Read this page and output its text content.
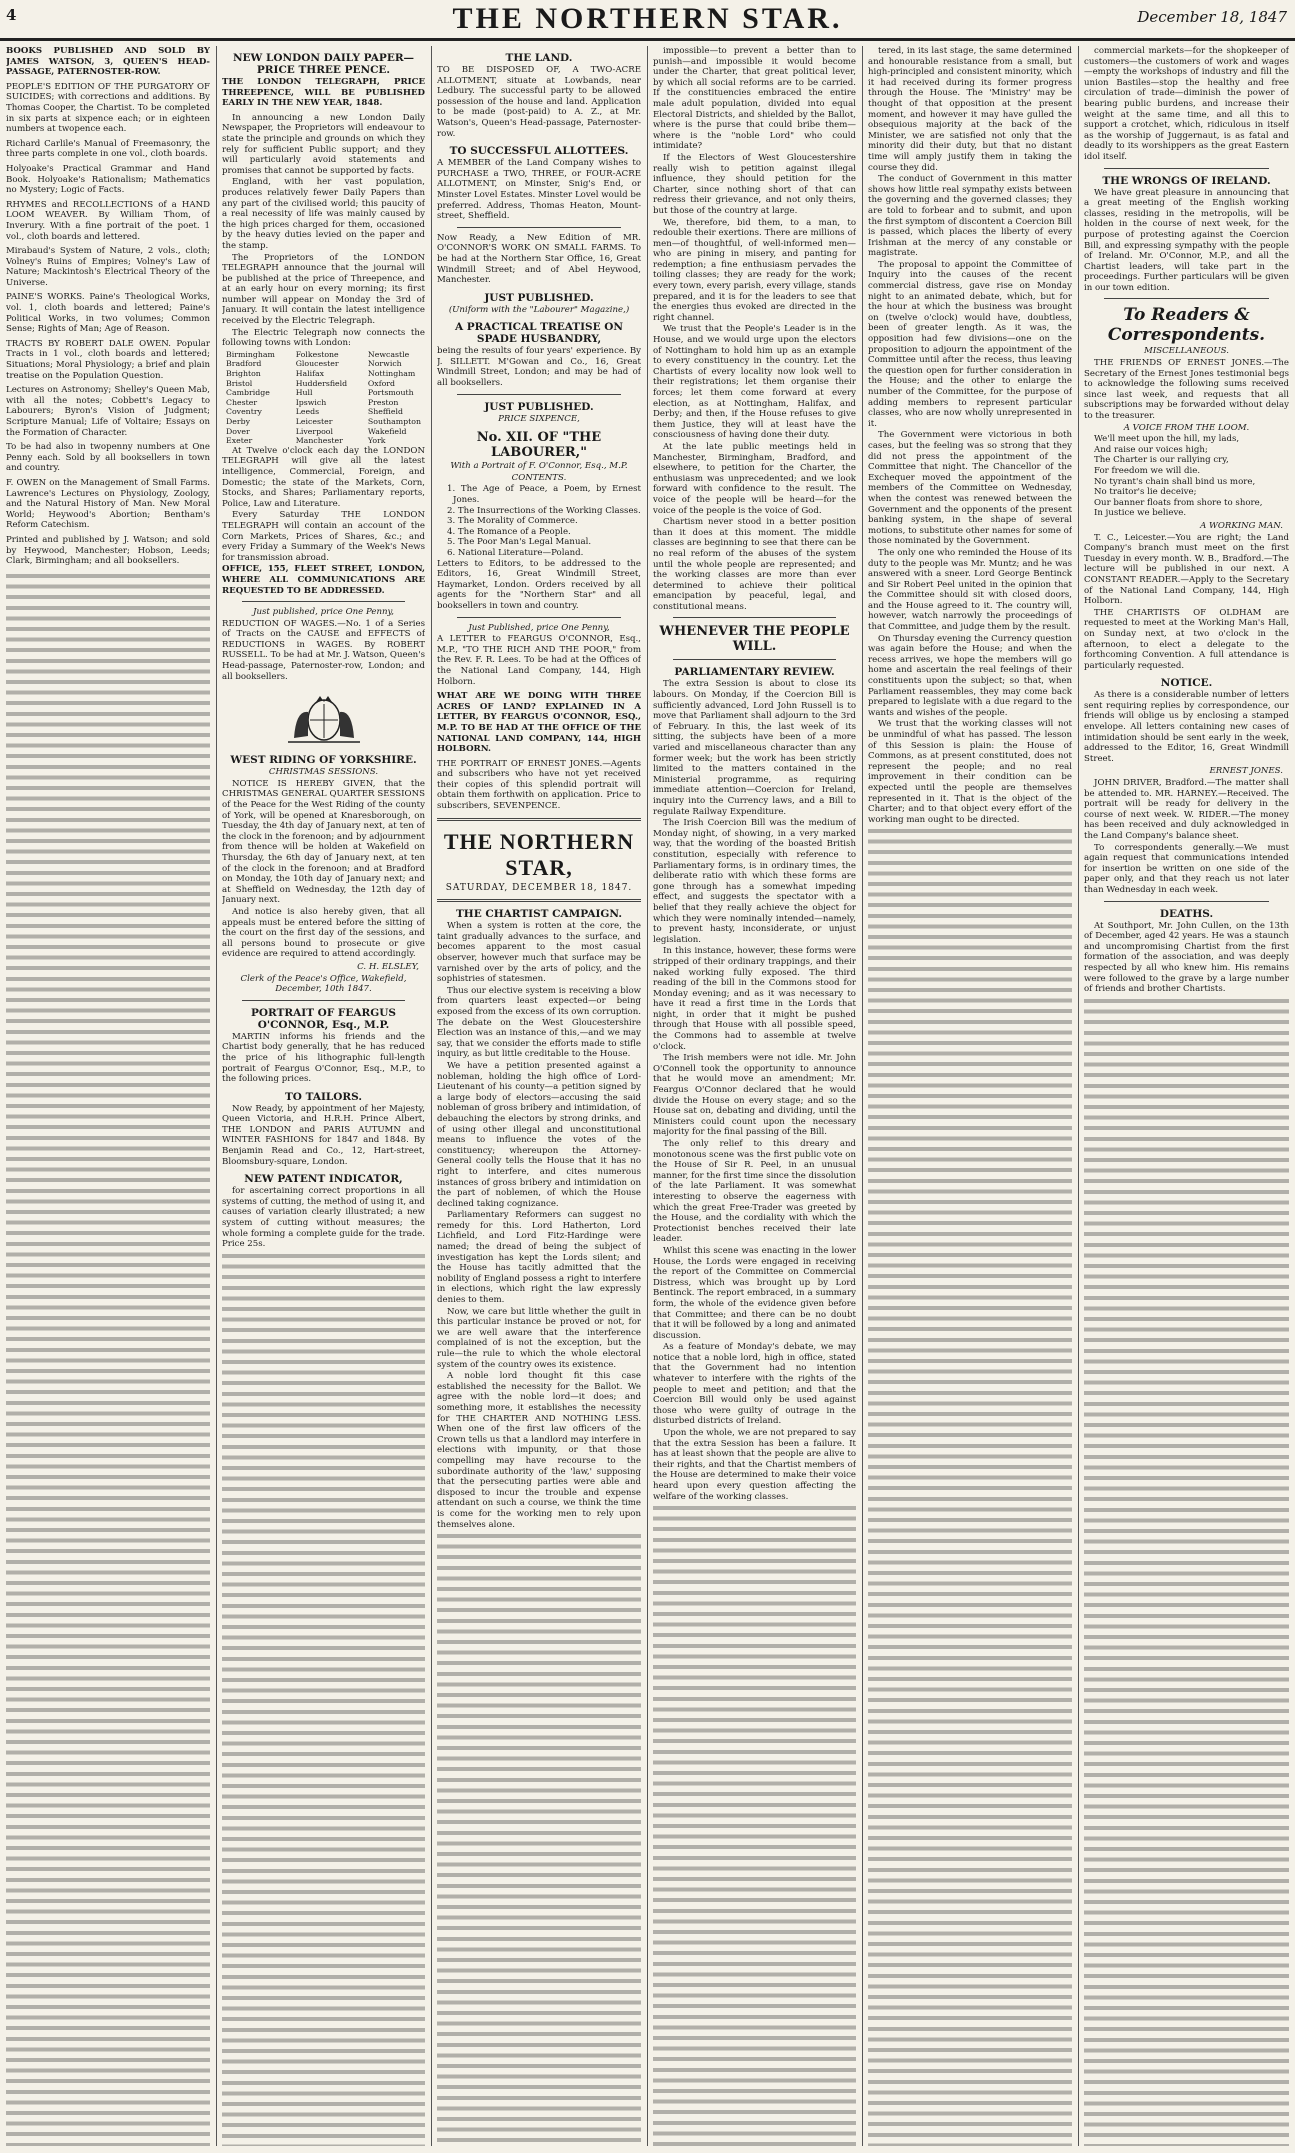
4	THE NORTHERN STAR.	December 18, 1847

BOOKS PUBLISHED AND SOLD BY JAMES WATSON, 3, QUEEN'S HEAD-PASSAGE, PATERNOSTER-ROW.

PEOPLE'S EDITION OF THE PURGATORY OF SUICIDES; with corrections and additions. By Thomas Cooper, the Chartist. To be completed in six parts at sixpence each; or in eighteen numbers at twopence each.

Richard Carlile's Manual of Freemasonry, the three parts complete in one vol., cloth boards.

Holyoake's Practical Grammar and Hand Book. Holyoake's Rationalism; Mathematics no Mystery; Logic of Facts.

RHYMES and RECOLLECTIONS of a HAND LOOM WEAVER. By William Thom, of Inverury. With a fine portrait of the poet. 1 vol., cloth boards and lettered.

Mirabaud's System of Nature, 2 vols., cloth; Volney's Ruins of Empires; Volney's Law of Nature; Mackintosh's Electrical Theory of the Universe.

PAINE'S WORKS. Paine's Theological Works, vol. 1, cloth boards and lettered; Paine's Political Works, in two volumes; Common Sense; Rights of Man; Age of Reason.

TRACTS BY ROBERT DALE OWEN. Popular Tracts in 1 vol., cloth boards and lettered; Situations; Moral Physiology; a brief and plain treatise on the Population Question.

Lectures on Astronomy; Shelley's Queen Mab, with all the notes; Cobbett's Legacy to Labourers; Byron's Vision of Judgment; Scripture Manual; Life of Voltaire; Essays on the Formation of Character.

To be had also in twopenny numbers at One Penny each. Sold by all booksellers in town and country.

F. OWEN on the Management of Small Farms. Lawrence's Lectures on Physiology, Zoology, and the Natural History of Man. New Moral World; Heywood's Abortion; Bentham's Reform Catechism.

Printed and published by J. Watson; and sold by Heywood, Manchester; Hobson, Leeds; Clark, Birmingham; and all booksellers.

NEW LONDON DAILY PAPER—PRICE THREE PENCE.

THE LONDON TELEGRAPH, PRICE THREEPENCE, WILL BE PUBLISHED EARLY IN THE NEW YEAR, 1848.

In announcing a new London Daily Newspaper, the Proprietors will endeavour to state the principle and grounds on which they rely for sufficient Public support; and they will particularly avoid statements and promises that cannot be supported by facts.

England, with her vast population, produces relatively fewer Daily Papers than any part of the civilised world; this paucity of a real necessity of life was mainly caused by the high prices charged for them, occasioned by the heavy duties levied on the paper and the stamp.

The Proprietors of the LONDON TELEGRAPH announce that the journal will be published at the price of Threepence, and at an early hour on every morning; its first number will appear on Monday the 3rd of January. It will contain the latest intelligence received by the Electric Telegraph.

The Electric Telegraph now connects the following towns with London:

Birmingham
Bradford
Brighton
Bristol
Cambridge
Chester
Coventry
Derby
Dover
Exeter
Folkestone
Gloucester
Halifax
Huddersfield
Hull
Ipswich
Leeds
Leicester
Liverpool
Manchester
Newcastle
Norwich
Nottingham
Oxford
Portsmouth
Preston
Sheffield
Southampton
Wakefield
York

At Twelve o'clock each day the LONDON TELEGRAPH will give all the latest intelligence, Commercial, Foreign, and Domestic; the state of the Markets, Corn, Stocks, and Shares; Parliamentary reports, Police, Law and Literature.

Every Saturday THE LONDON TELEGRAPH will contain an account of the Corn Markets, Prices of Shares, &c.; and every Friday a Summary of the Week's News for transmission abroad.

OFFICE, 155, FLEET STREET, LONDON, WHERE ALL COMMUNICATIONS ARE REQUESTED TO BE ADDRESSED.

Just published, price One Penny,

REDUCTION OF WAGES.—No. 1 of a Series of Tracts on the CAUSE and EFFECTS of REDUCTIONS in WAGES. By ROBERT RUSSELL. To be had at Mr. J. Watson, Queen's Head-passage, Paternoster-row, London; and all booksellers.

WEST RIDING OF YORKSHIRE.

CHRISTMAS SESSIONS.

NOTICE IS HEREBY GIVEN, that the CHRISTMAS GENERAL QUARTER SESSIONS of the Peace for the West Riding of the county of York, will be opened at Knaresborough, on Tuesday, the 4th day of January next, at ten of the clock in the forenoon; and by adjournment from thence will be holden at Wakefield on Thursday, the 6th day of January next, at ten of the clock in the forenoon; and at Bradford on Monday, the 10th day of January next; and at Sheffield on Wednesday, the 12th day of January next.

And notice is also hereby given, that all appeals must be entered before the sitting of the court on the first day of the sessions, and all persons bound to prosecute or give evidence are required to attend accordingly.

C. H. ELSLEY,

Clerk of the Peace's Office, Wakefield, December, 10th 1847.

PORTRAIT OF FEARGUS O'CONNOR, Esq., M.P.

MARTIN informs his friends and the Chartist body generally, that he has reduced the price of his lithographic full-length portrait of Feargus O'Connor, Esq., M.P., to the following prices.

TO TAILORS.

Now Ready, by appointment of her Majesty, Queen Victoria, and H.R.H. Prince Albert, THE LONDON and PARIS AUTUMN and WINTER FASHIONS for 1847 and 1848. By Benjamin Read and Co., 12, Hart-street, Bloomsbury-square, London.

NEW PATENT INDICATOR,

for ascertaining correct proportions in all systems of cutting, the method of using it, and causes of variation clearly illustrated; a new system of cutting without measures; the whole forming a complete guide for the trade. Price 25s.

THE LAND.

TO BE DISPOSED OF, A TWO-ACRE ALLOTMENT, situate at Lowbands, near Ledbury. The successful party to be allowed possession of the house and land. Application to be made (post-paid) to A. Z., at Mr. Watson's, Queen's Head-passage, Paternoster-row.

TO SUCCESSFUL ALLOTTEES.

A MEMBER of the Land Company wishes to PURCHASE a TWO, THREE, or FOUR-ACRE ALLOTMENT, on Minster, Snig's End, or Minster Lovel Estates. Minster Lovel would be preferred. Address, Thomas Heaton, Mount-street, Sheffield.

Now Ready, a New Edition of MR. O'CONNOR'S WORK ON SMALL FARMS. To be had at the Northern Star Office, 16, Great Windmill Street; and of Abel Heywood, Manchester.

JUST PUBLISHED.

(Uniform with the "Labourer" Magazine,)

A PRACTICAL TREATISE ON SPADE HUSBANDRY,

being the results of four years' experience. By J. SILLETT. M'Gowan and Co., 16, Great Windmill Street, London; and may be had of all booksellers.

JUST PUBLISHED.

PRICE SIXPENCE,

No. XII. OF "THE LABOURER,"

With a Portrait of F. O'Connor, Esq., M.P.

CONTENTS.

1. The Age of Peace, a Poem, by Ernest Jones.
2. The Insurrections of the Working Classes.
3. The Morality of Commerce.
4. The Romance of a People.
5. The Poor Man's Legal Manual.
6. National Literature—Poland.

Letters to Editors, to be addressed to the Editors, 16, Great Windmill Street, Haymarket, London. Orders received by all agents for the "Northern Star" and all booksellers in town and country.

Just Published, price One Penny,

A LETTER to FEARGUS O'CONNOR, Esq., M.P., "TO THE RICH AND THE POOR," from the Rev. F. R. Lees. To be had at the Offices of the National Land Company, 144, High Holborn.

WHAT ARE WE DOING WITH THREE ACRES OF LAND? EXPLAINED IN A LETTER, BY FEARGUS O'CONNOR, ESQ., M.P. TO BE HAD AT THE OFFICE OF THE NATIONAL LAND COMPANY, 144, HIGH HOLBORN.

THE PORTRAIT OF ERNEST JONES.—Agents and subscribers who have not yet received their copies of this splendid portrait will obtain them forthwith on application. Price to subscribers, SEVENPENCE.

THE NORTHERN STAR,
SATURDAY, DECEMBER 18, 1847.

THE CHARTIST CAMPAIGN.

When a system is rotten at the core, the taint gradually advances to the surface, and becomes apparent to the most casual observer, however much that surface may be varnished over by the arts of policy, and the sophistries of statesmen.

Thus our elective system is receiving a blow from quarters least expected—or being exposed from the excess of its own corruption. The debate on the West Gloucestershire Election was an instance of this,—and we may say, that we consider the efforts made to stifle inquiry, as but little creditable to the House.

We have a petition presented against a nobleman, holding the high office of Lord-Lieutenant of his county—a petition signed by a large body of electors—accusing the said nobleman of gross bribery and intimidation, of debauching the electors by strong drinks, and of using other illegal and unconstitutional means to influence the votes of the constituency; whereupon the Attorney-General coolly tells the House that it has no right to interfere, and cites numerous instances of gross bribery and intimidation on the part of noblemen, of which the House declined taking cognizance.

Parliamentary Reformers can suggest no remedy for this. Lord Hatherton, Lord Lichfield, and Lord Fitz-Hardinge were named; the dread of being the subject of investigation has kept the Lords silent; and the House has tacitly admitted that the nobility of England possess a right to interfere in elections, which right the law expressly denies to them.

Now, we care but little whether the guilt in this particular instance be proved or not, for we are well aware that the interference complained of is not the exception, but the rule—the rule to which the whole electoral system of the country owes its existence.

A noble lord thought fit this case established the necessity for the Ballot. We agree with the noble lord—it does; and something more, it establishes the necessity for THE CHARTER AND NOTHING LESS. When one of the first law officers of the Crown tells us that a landlord may interfere in elections with impunity, or that those compelling may have recourse to the subordinate authority of the 'law,' supposing that the persecuting parties were able and disposed to incur the trouble and expense attendant on such a course, we think the time is come for the working men to rely upon themselves alone.

impossible—to prevent a better than to punish—and impossible it would become under the Charter, that great political lever, by which all social reforms are to be carried. If the constituencies embraced the entire male adult population, divided into equal Electoral Districts, and shielded by the Ballot, where is the purse that could bribe them—where is the "noble Lord" who could intimidate?

If the Electors of West Gloucestershire really wish to petition against illegal influence, they should petition for the Charter, since nothing short of that can redress their grievance, and not only theirs, but those of the country at large.

We, therefore, bid them, to a man, to redouble their exertions. There are millions of men—of thoughtful, of well-informed men—who are pining in misery, and panting for redemption; a fine enthusiasm pervades the toiling classes; they are ready for the work; every town, every parish, every village, stands prepared, and it is for the leaders to see that the energies thus evoked are directed in the right channel.

We trust that the People's Leader is in the House, and we would urge upon the electors of Nottingham to hold him up as an example to every constituency in the country. Let the Chartists of every locality now look well to their registrations; let them organise their forces; let them come forward at every election, as at Nottingham, Halifax, and Derby; and then, if the House refuses to give them Justice, they will at least have the consciousness of having done their duty.

At the late public meetings held in Manchester, Birmingham, Bradford, and elsewhere, to petition for the Charter, the enthusiasm was unprecedented; and we look forward with confidence to the result. The voice of the people will be heard—for the voice of the people is the voice of God.

Chartism never stood in a better position than it does at this moment. The middle classes are beginning to see that there can be no real reform of the abuses of the system until the whole people are represented; and the working classes are more than ever determined to achieve their political emancipation by peaceful, legal, and constitutional means.

WHENEVER THE PEOPLE WILL.

PARLIAMENTARY REVIEW.

The extra Session is about to close its labours. On Monday, if the Coercion Bill is sufficiently advanced, Lord John Russell is to move that Parliament shall adjourn to the 3rd of February. In this, the last week of its sitting, the subjects have been of a more varied and miscellaneous character than any former week; but the work has been strictly limited to the matters contained in the Ministerial programme, as requiring immediate attention—Coercion for Ireland, inquiry into the Currency laws, and a Bill to regulate Railway Expenditure.

The Irish Coercion Bill was the medium of Monday night, of showing, in a very marked way, that the wording of the boasted British constitution, especially with reference to Parliamentary forms, is in ordinary times, the deliberate ratio with which these forms are gone through has a somewhat impeding effect, and suggests the spectator with a belief that they really achieve the object for which they were nominally intended—namely, to prevent hasty, inconsiderate, or unjust legislation.

In this instance, however, these forms were stripped of their ordinary trappings, and their naked working fully exposed. The third reading of the bill in the Commons stood for Monday evening; and as it was necessary to have it read a first time in the Lords that night, in order that it might be pushed through that House with all possible speed, the Commons had to assemble at twelve o'clock.

The Irish members were not idle. Mr. John O'Connell took the opportunity to announce that he would move an amendment; Mr. Feargus O'Connor declared that he would divide the House on every stage; and so the House sat on, debating and dividing, until the Ministers could count upon the necessary majority for the final passing of the Bill.

The only relief to this dreary and monotonous scene was the first public vote on the House of Sir R. Peel, in an unusual manner, for the first time since the dissolution of the late Parliament. It was somewhat interesting to observe the eagerness with which the great Free-Trader was greeted by the House, and the cordiality with which the Protectionist benches received their late leader.

Whilst this scene was enacting in the lower House, the Lords were engaged in receiving the report of the Committee on Commercial Distress, which was brought up by Lord Bentinck. The report embraced, in a summary form, the whole of the evidence given before that Committee; and there can be no doubt that it will be followed by a long and animated discussion.

As a feature of Monday's debate, we may notice that a noble lord, high in office, stated that the Government had no intention whatever to interfere with the rights of the people to meet and petition; and that the Coercion Bill would only be used against those who were guilty of outrage in the disturbed districts of Ireland.

Upon the whole, we are not prepared to say that the extra Session has been a failure. It has at least shown that the people are alive to their rights, and that the Chartist members of the House are determined to make their voice heard upon every question affecting the welfare of the working classes.

tered, in its last stage, the same determined and honourable resistance from a small, but high-principled and consistent minority, which it had received during its former progress through the House. The 'Ministry' may be thought of that opposition at the present moment, and however it may have gulled the obsequious majority at the back of the Minister, we are satisfied not only that the minority did their duty, but that no distant time will amply justify them in taking the course they did.

The conduct of Government in this matter shows how little real sympathy exists between the governing and the governed classes; they are told to forbear and to submit, and upon the first symptom of discontent a Coercion Bill is passed, which places the liberty of every Irishman at the mercy of any constable or magistrate.

The proposal to appoint the Committee of Inquiry into the causes of the recent commercial distress, gave rise on Monday night to an animated debate, which, but for the hour at which the business was brought on (twelve o'clock) would have, doubtless, been of greater length. As it was, the opposition had few divisions—one on the proposition to adjourn the appointment of the Committee until after the recess, thus leaving the question open for further consideration in the House; and the other to enlarge the number of the Committee, for the purpose of adding members to represent particular classes, who are now wholly unrepresented in it.

The Government were victorious in both cases, but the feeling was so strong that they did not press the appointment of the Committee that night. The Chancellor of the Exchequer moved the appointment of the members of the Committee on Wednesday, when the contest was renewed between the Government and the opponents of the present banking system, in the shape of several motions, to substitute other names for some of those nominated by the Government.

The only one who reminded the House of its duty to the people was Mr. Muntz; and he was answered with a sneer. Lord George Bentinck and Sir Robert Peel united in the opinion that the Committee should sit with closed doors, and the House agreed to it. The country will, however, watch narrowly the proceedings of that Committee, and judge them by the result.

On Thursday evening the Currency question was again before the House; and when the recess arrives, we hope the members will go home and ascertain the real feelings of their constituents upon the subject; so that, when Parliament reassembles, they may come back prepared to legislate with a due regard to the wants and wishes of the people.

We trust that the working classes will not be unmindful of what has passed. The lesson of this Session is plain: the House of Commons, as at present constituted, does not represent the people; and no real improvement in their condition can be expected until the people are themselves represented in it. That is the object of the Charter; and to that object every effort of the working man ought to be directed.

commercial markets—for the shopkeeper of customers—the customers of work and wages—empty the workshops of industry and fill the union Bastiles—stop the healthy and free circulation of trade—diminish the power of bearing public burdens, and increase their weight at the same time, and all this to support a crotchet, which, ridiculous in itself as the worship of Juggernaut, is as fatal and deadly to its worshippers as the great Eastern idol itself.

THE WRONGS OF IRELAND.

We have great pleasure in announcing that a great meeting of the English working classes, residing in the metropolis, will be holden in the course of next week, for the purpose of protesting against the Coercion Bill, and expressing sympathy with the people of Ireland. Mr. O'Connor, M.P., and all the Chartist leaders, will take part in the proceedings. Further particulars will be given in our town edition.

To Readers & Correspondents.

MISCELLANEOUS.

THE FRIENDS OF ERNEST JONES.—The Secretary of the Ernest Jones testimonial begs to acknowledge the following sums received since last week, and requests that all subscriptions may be forwarded without delay to the treasurer.

A VOICE FROM THE LOOM.

We'll meet upon the hill, my lads,
And raise our voices high;
The Charter is our rallying cry,
For freedom we will die.
No tyrant's chain shall bind us more,
No traitor's lie deceive;
Our banner floats from shore to shore,
In justice we believe.

A WORKING MAN.

T. C., Leicester.—You are right; the Land Company's branch must meet on the first Tuesday in every month. W. B., Bradford.—The lecture will be published in our next. A CONSTANT READER.—Apply to the Secretary of the National Land Company, 144, High Holborn.

THE CHARTISTS OF OLDHAM are requested to meet at the Working Man's Hall, on Sunday next, at two o'clock in the afternoon, to elect a delegate to the forthcoming Convention. A full attendance is particularly requested.

NOTICE.

As there is a considerable number of letters sent requiring replies by correspondence, our friends will oblige us by enclosing a stamped envelope. All letters containing new cases of intimidation should be sent early in the week, addressed to the Editor, 16, Great Windmill Street.

ERNEST JONES.

JOHN DRIVER, Bradford.—The matter shall be attended to. MR. HARNEY.—Received. The portrait will be ready for delivery in the course of next week. W. RIDER.—The money has been received and duly acknowledged in the Land Company's balance sheet.

To correspondents generally.—We must again request that communications intended for insertion be written on one side of the paper only, and that they reach us not later than Wednesday in each week.

DEATHS.

At Southport, Mr. John Cullen, on the 13th of December, aged 42 years. He was a staunch and uncompromising Chartist from the first formation of the association, and was deeply respected by all who knew him. His remains were followed to the grave by a large number of friends and brother Chartists.
